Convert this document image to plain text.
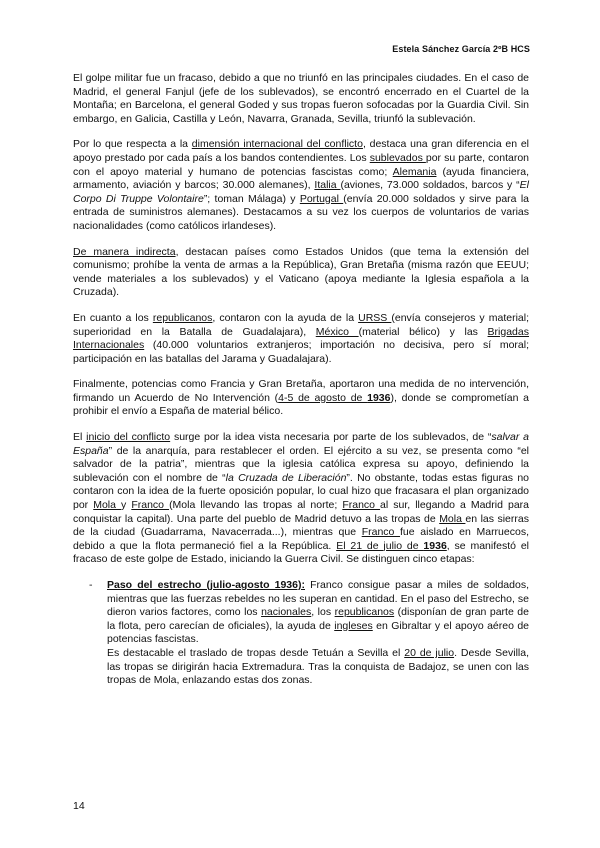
Estela Sánchez García 2ºB HCS

El golpe militar fue un fracaso, debido a que no triunfó en las principales ciudades. En el caso de Madrid, el general Fanjul (jefe de los sublevados), se encontró encerrado en el Cuartel de la Montaña; en Barcelona, el general Goded y sus tropas fueron sofocadas por la Guardia Civil. Sin embargo, en Galicia, Castilla y León, Navarra, Granada, Sevilla, triunfó la sublevación.

Por lo que respecta a la dimensión internacional del conflicto, destaca una gran diferencia en el apoyo prestado por cada país a los bandos contendientes. Los sublevados por su parte, contaron con el apoyo material y humano de potencias fascistas como; Alemania (ayuda financiera, armamento, aviación y barcos; 30.000 alemanes), Italia (aviones, 73.000 soldados, barcos y “El Corpo Di Truppe Volontaire”; toman Málaga) y Portugal (envía 20.000 soldados y sirve para la entrada de suministros alemanes). Destacamos a su vez los cuerpos de voluntarios de varias nacionalidades (como católicos irlandeses).

De manera indirecta, destacan países como Estados Unidos (que tema la extensión del comunismo; prohíbe la venta de armas a la República), Gran Bretaña (misma razón que EEUU; vende materiales a los sublevados) y el Vaticano (apoya mediante la Iglesia española a la Cruzada).

En cuanto a los republicanos, contaron con la ayuda de la URSS (envía consejeros y material; superioridad en la Batalla de Guadalajara), México (material bélico) y las Brigadas Internacionales (40.000 voluntarios extranjeros; importación no decisiva, pero sí moral; participación en las batallas del Jarama y Guadalajara).

Finalmente, potencias como Francia y Gran Bretaña, aportaron una medida de no intervención, firmando un Acuerdo de No Intervención (4-5 de agosto de 1936), donde se comprometían a prohibir el envío a España de material bélico.

El inicio del conflicto surge por la idea vista necesaria por parte de los sublevados, de “salvar a España” de la anarquía, para restablecer el orden. El ejército a su vez, se presenta como “el salvador de la patria”, mientras que la iglesia católica expresa su apoyo, definiendo la sublevación con el nombre de “la Cruzada de Liberación”. No obstante, todas estas figuras no contaron con la idea de la fuerte oposición popular, lo cual hizo que fracasara el plan organizado por Mola y Franco (Mola llevando las tropas al norte; Franco al sur, llegando a Madrid para conquistar la capital). Una parte del pueblo de Madrid detuvo a las tropas de Mola en las sierras de la ciudad (Guadarrama, Navacerrada...), mientras que Franco fue aislado en Marruecos, debido a que la flota permaneció fiel a la República. El 21 de julio de 1936, se manifestó el fracaso de este golpe de Estado, iniciando la Guerra Civil. Se distinguen cinco etapas:

- Paso del estrecho (julio-agosto 1936): Franco consigue pasar a miles de soldados, mientras que las fuerzas rebeldes no les superan en cantidad. En el paso del Estrecho, se dieron varios factores, como los nacionales, los republicanos (disponían de gran parte de la flota, pero carecían de oficiales), la ayuda de ingleses en Gibraltar y el apoyo aéreo de potencias fascistas.

Es destacable el traslado de tropas desde Tetuán a Sevilla el 20 de julio. Desde Sevilla, las tropas se dirigirán hacia Extremadura. Tras la conquista de Badajoz, se unen con las tropas de Mola, enlazando estas dos zonas.

14
